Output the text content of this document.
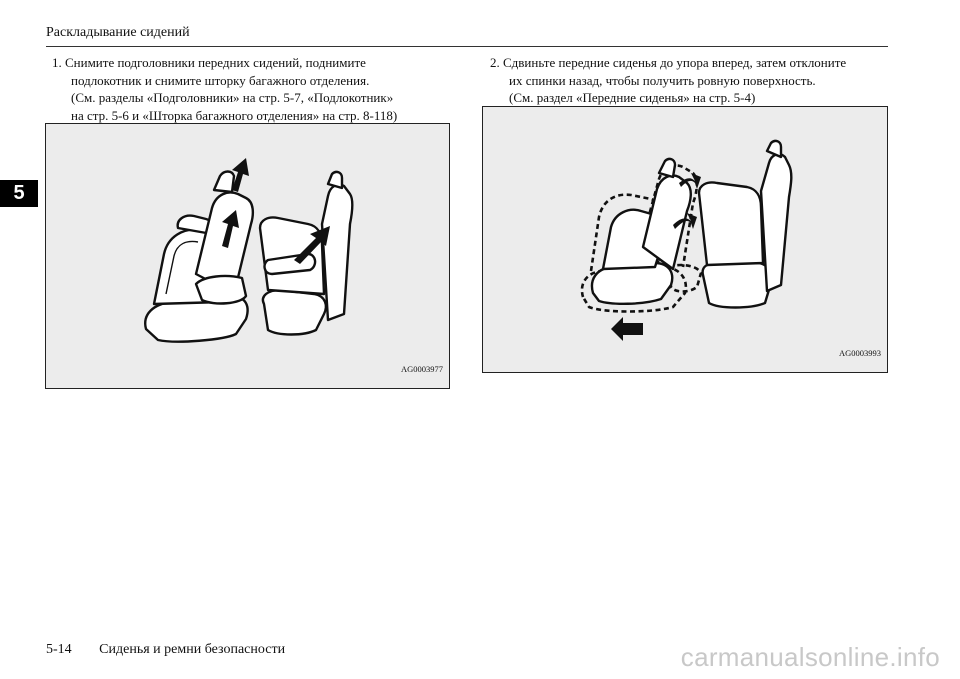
Раскладывание сидений
5

1. Снимите подголовники передних сидений, поднимите

подлокотник и снимите шторку багажного отделения.

(См. разделы «Подголовники» на стр. 5-7, «Подлокотник»

на стр. 5-6 и «Шторка багажного отделения» на стр. 8-118)

2. Сдвиньте передние сиденья до упора вперед, затем отклоните

их спинки назад, чтобы получить ровную поверхность.

(См. раздел «Передние сиденья» на стр. 5-4)

AG0003977
AG0003993
5-14 Сиденья и ремни безопасности	carmanualsonline.info
